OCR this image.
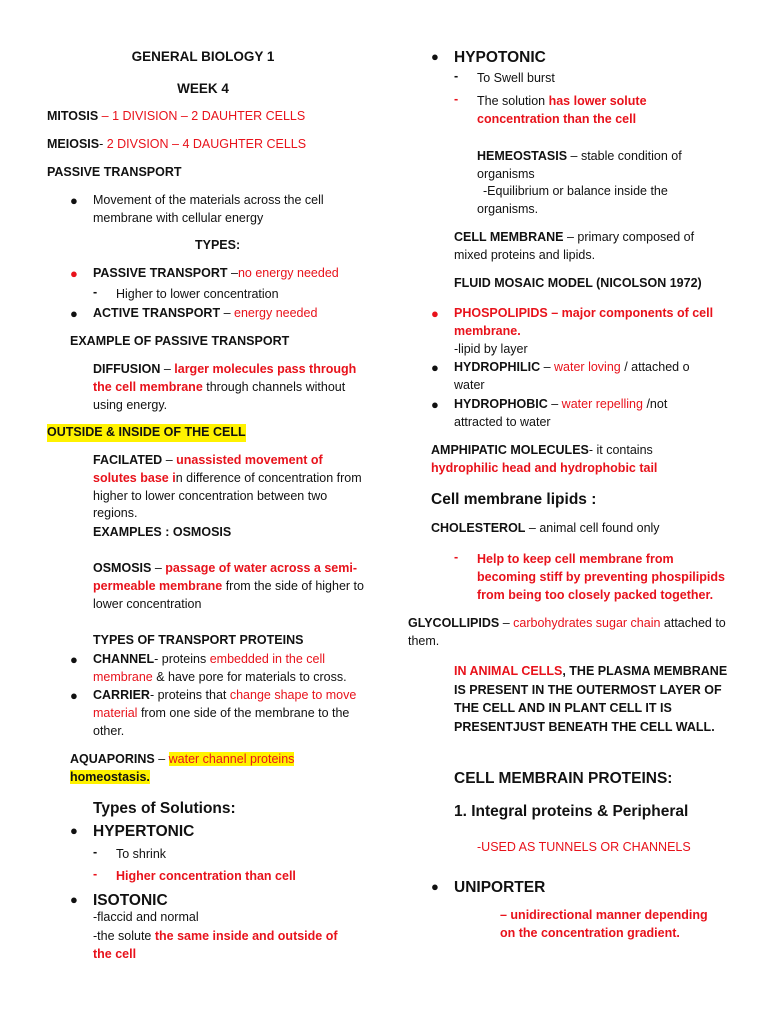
GENERAL BIOLOGY 1
WEEK 4
MITOSIS – 1 DIVISION – 2 DAUHTER CELLS
MEIOSIS- 2 DIVSION – 4 DAUGHTER CELLS
PASSIVE TRANSPORT
● Movement of the materials across the cell membrane with cellular energy
TYPES:
● PASSIVE TRANSPORT –no energy needed
- Higher to lower concentration
● ACTIVE TRANSPORT – energy needed
EXAMPLE OF PASSIVE TRANSPORT
DIFFUSION – larger molecules pass through the cell membrane through channels without using energy.
OUTSIDE & INSIDE OF THE CELL
FACILATED – unassisted movement of solutes base in difference of concentration from higher to lower concentration between two regions.
EXAMPLES : OSMOSIS
OSMOSIS – passage of water across a semi-permeable membrane from the side of higher to lower concentration
TYPES OF TRANSPORT PROTEINS
● CHANNEL- proteins embedded in the cell membrane & have pore for materials to cross.
● CARRIER- proteins that change shape to move material from one side of the membrane to the other.
AQUAPORINS – water channel proteins
homeostasis.
Types of Solutions:
● HYPERTONIC
- To shrink
- Higher concentration than cell
● ISOTONIC
-flaccid and normal
-the solute the same inside and outside of the cell
● HYPOTONIC
- To Swell burst
- The solution has lower solute concentration than the cell
HEMEOSTASIS – stable condition of organisms
-Equilibrium or balance inside the organisms.
CELL MEMBRANE – primary composed of mixed proteins and lipids.
FLUID MOSAIC MODEL (NICOLSON 1972)
● PHOSPOLIPIDS – major components of cell membrane.
-lipid by layer
● HYDROPHILIC – water loving / attached o water
● HYDROPHOBIC – water repelling /not attracted to water
AMPHIPATIC MOLECULES- it contains
hydrophilic head and hydrophobic tail
Cell membrane lipids :
CHOLESTEROL – animal cell found only
- Help to keep cell membrane from becoming stiff by preventing phospilipids from being too closely packed together.
GLYCOLLIPIDS – carbohydrates sugar chain attached to them.
IN ANIMAL CELLS, THE PLASMA MEMBRANE IS PRESENT IN THE OUTERMOST LAYER OF THE CELL AND IN PLANT CELL IT IS PRESENTJUST BENEATH THE CELL WALL.
CELL MEMBRAIN PROTEINS:
1. Integral proteins & Peripheral
-USED AS TUNNELS OR CHANNELS
● UNIPORTER
– unidirectional manner depending on the concentration gradient.
